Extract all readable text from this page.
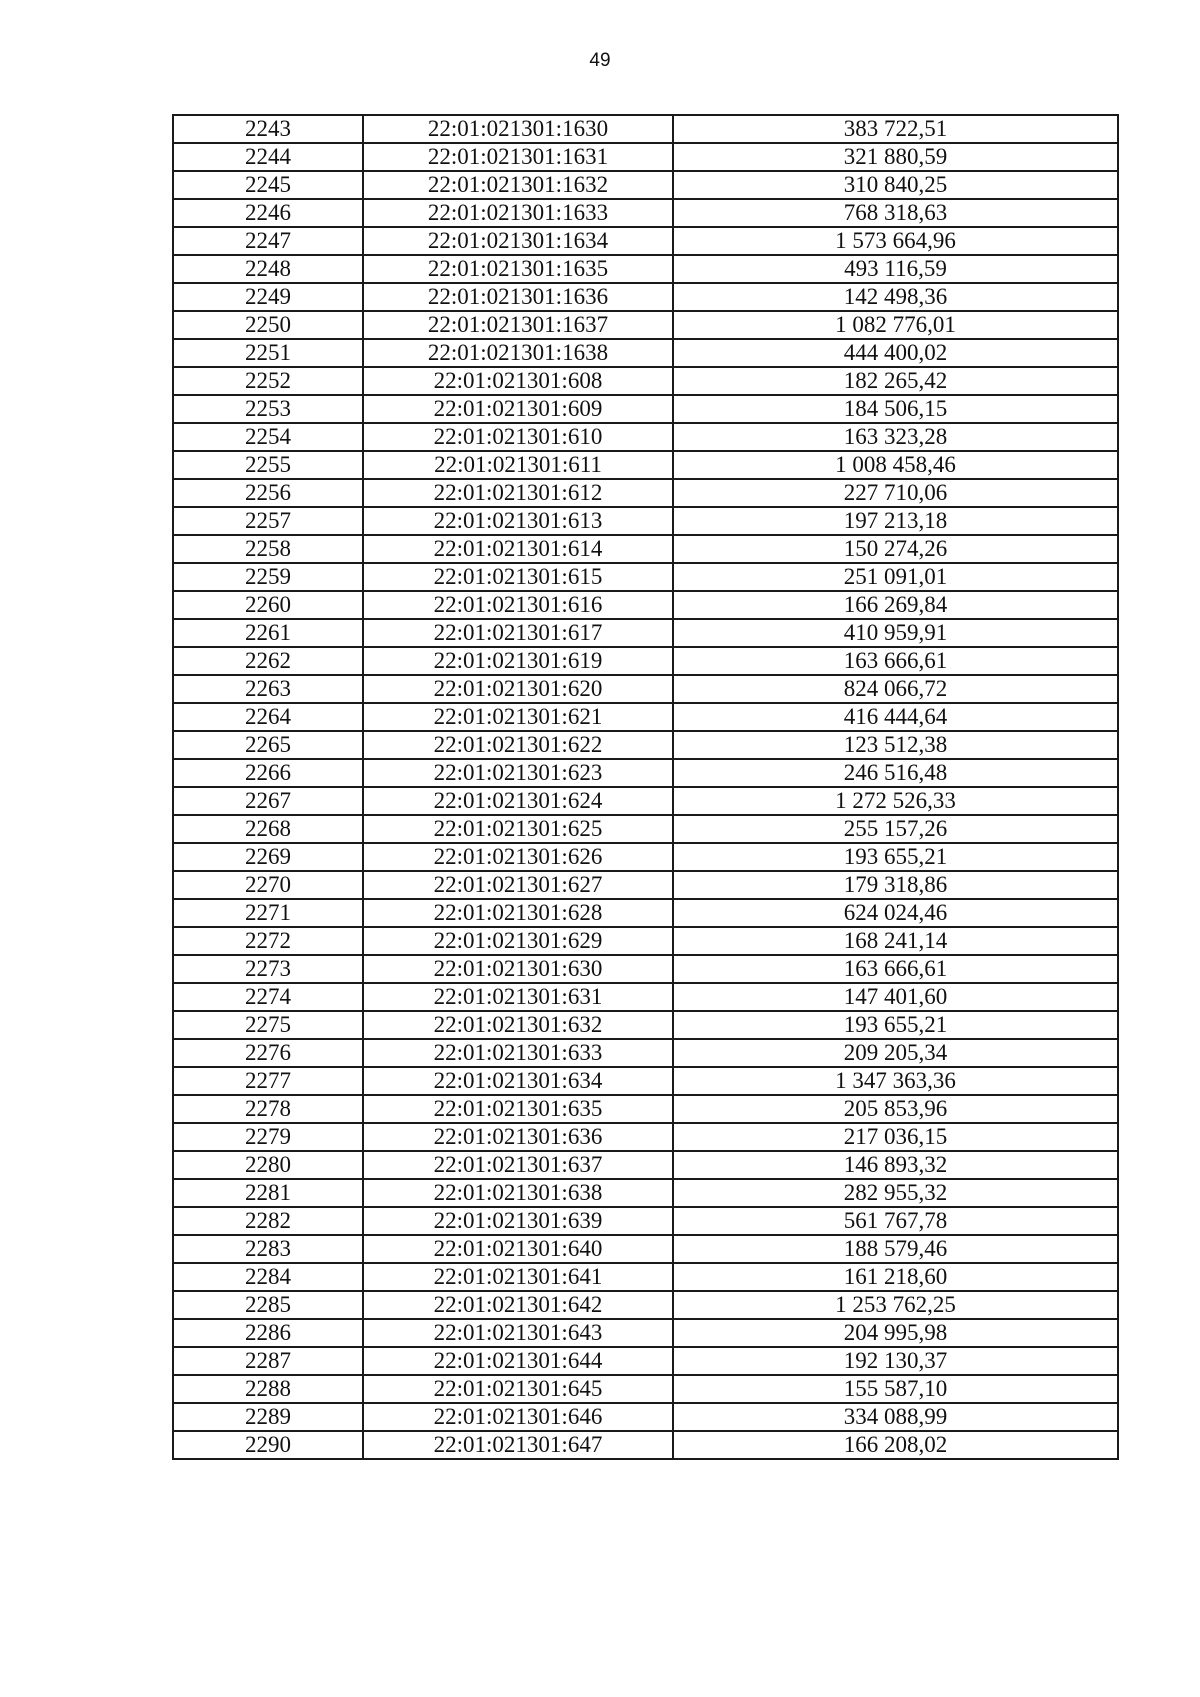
49
2243	22:01:021301:1630	383 722,51
2244	22:01:021301:1631	321 880,59
2245	22:01:021301:1632	310 840,25
2246	22:01:021301:1633	768 318,63
2247	22:01:021301:1634	1 573 664,96
2248	22:01:021301:1635	493 116,59
2249	22:01:021301:1636	142 498,36
2250	22:01:021301:1637	1 082 776,01
2251	22:01:021301:1638	444 400,02
2252	22:01:021301:608	182 265,42
2253	22:01:021301:609	184 506,15
2254	22:01:021301:610	163 323,28
2255	22:01:021301:611	1 008 458,46
2256	22:01:021301:612	227 710,06
2257	22:01:021301:613	197 213,18
2258	22:01:021301:614	150 274,26
2259	22:01:021301:615	251 091,01
2260	22:01:021301:616	166 269,84
2261	22:01:021301:617	410 959,91
2262	22:01:021301:619	163 666,61
2263	22:01:021301:620	824 066,72
2264	22:01:021301:621	416 444,64
2265	22:01:021301:622	123 512,38
2266	22:01:021301:623	246 516,48
2267	22:01:021301:624	1 272 526,33
2268	22:01:021301:625	255 157,26
2269	22:01:021301:626	193 655,21
2270	22:01:021301:627	179 318,86
2271	22:01:021301:628	624 024,46
2272	22:01:021301:629	168 241,14
2273	22:01:021301:630	163 666,61
2274	22:01:021301:631	147 401,60
2275	22:01:021301:632	193 655,21
2276	22:01:021301:633	209 205,34
2277	22:01:021301:634	1 347 363,36
2278	22:01:021301:635	205 853,96
2279	22:01:021301:636	217 036,15
2280	22:01:021301:637	146 893,32
2281	22:01:021301:638	282 955,32
2282	22:01:021301:639	561 767,78
2283	22:01:021301:640	188 579,46
2284	22:01:021301:641	161 218,60
2285	22:01:021301:642	1 253 762,25
2286	22:01:021301:643	204 995,98
2287	22:01:021301:644	192 130,37
2288	22:01:021301:645	155 587,10
2289	22:01:021301:646	334 088,99
2290	22:01:021301:647	166 208,02
